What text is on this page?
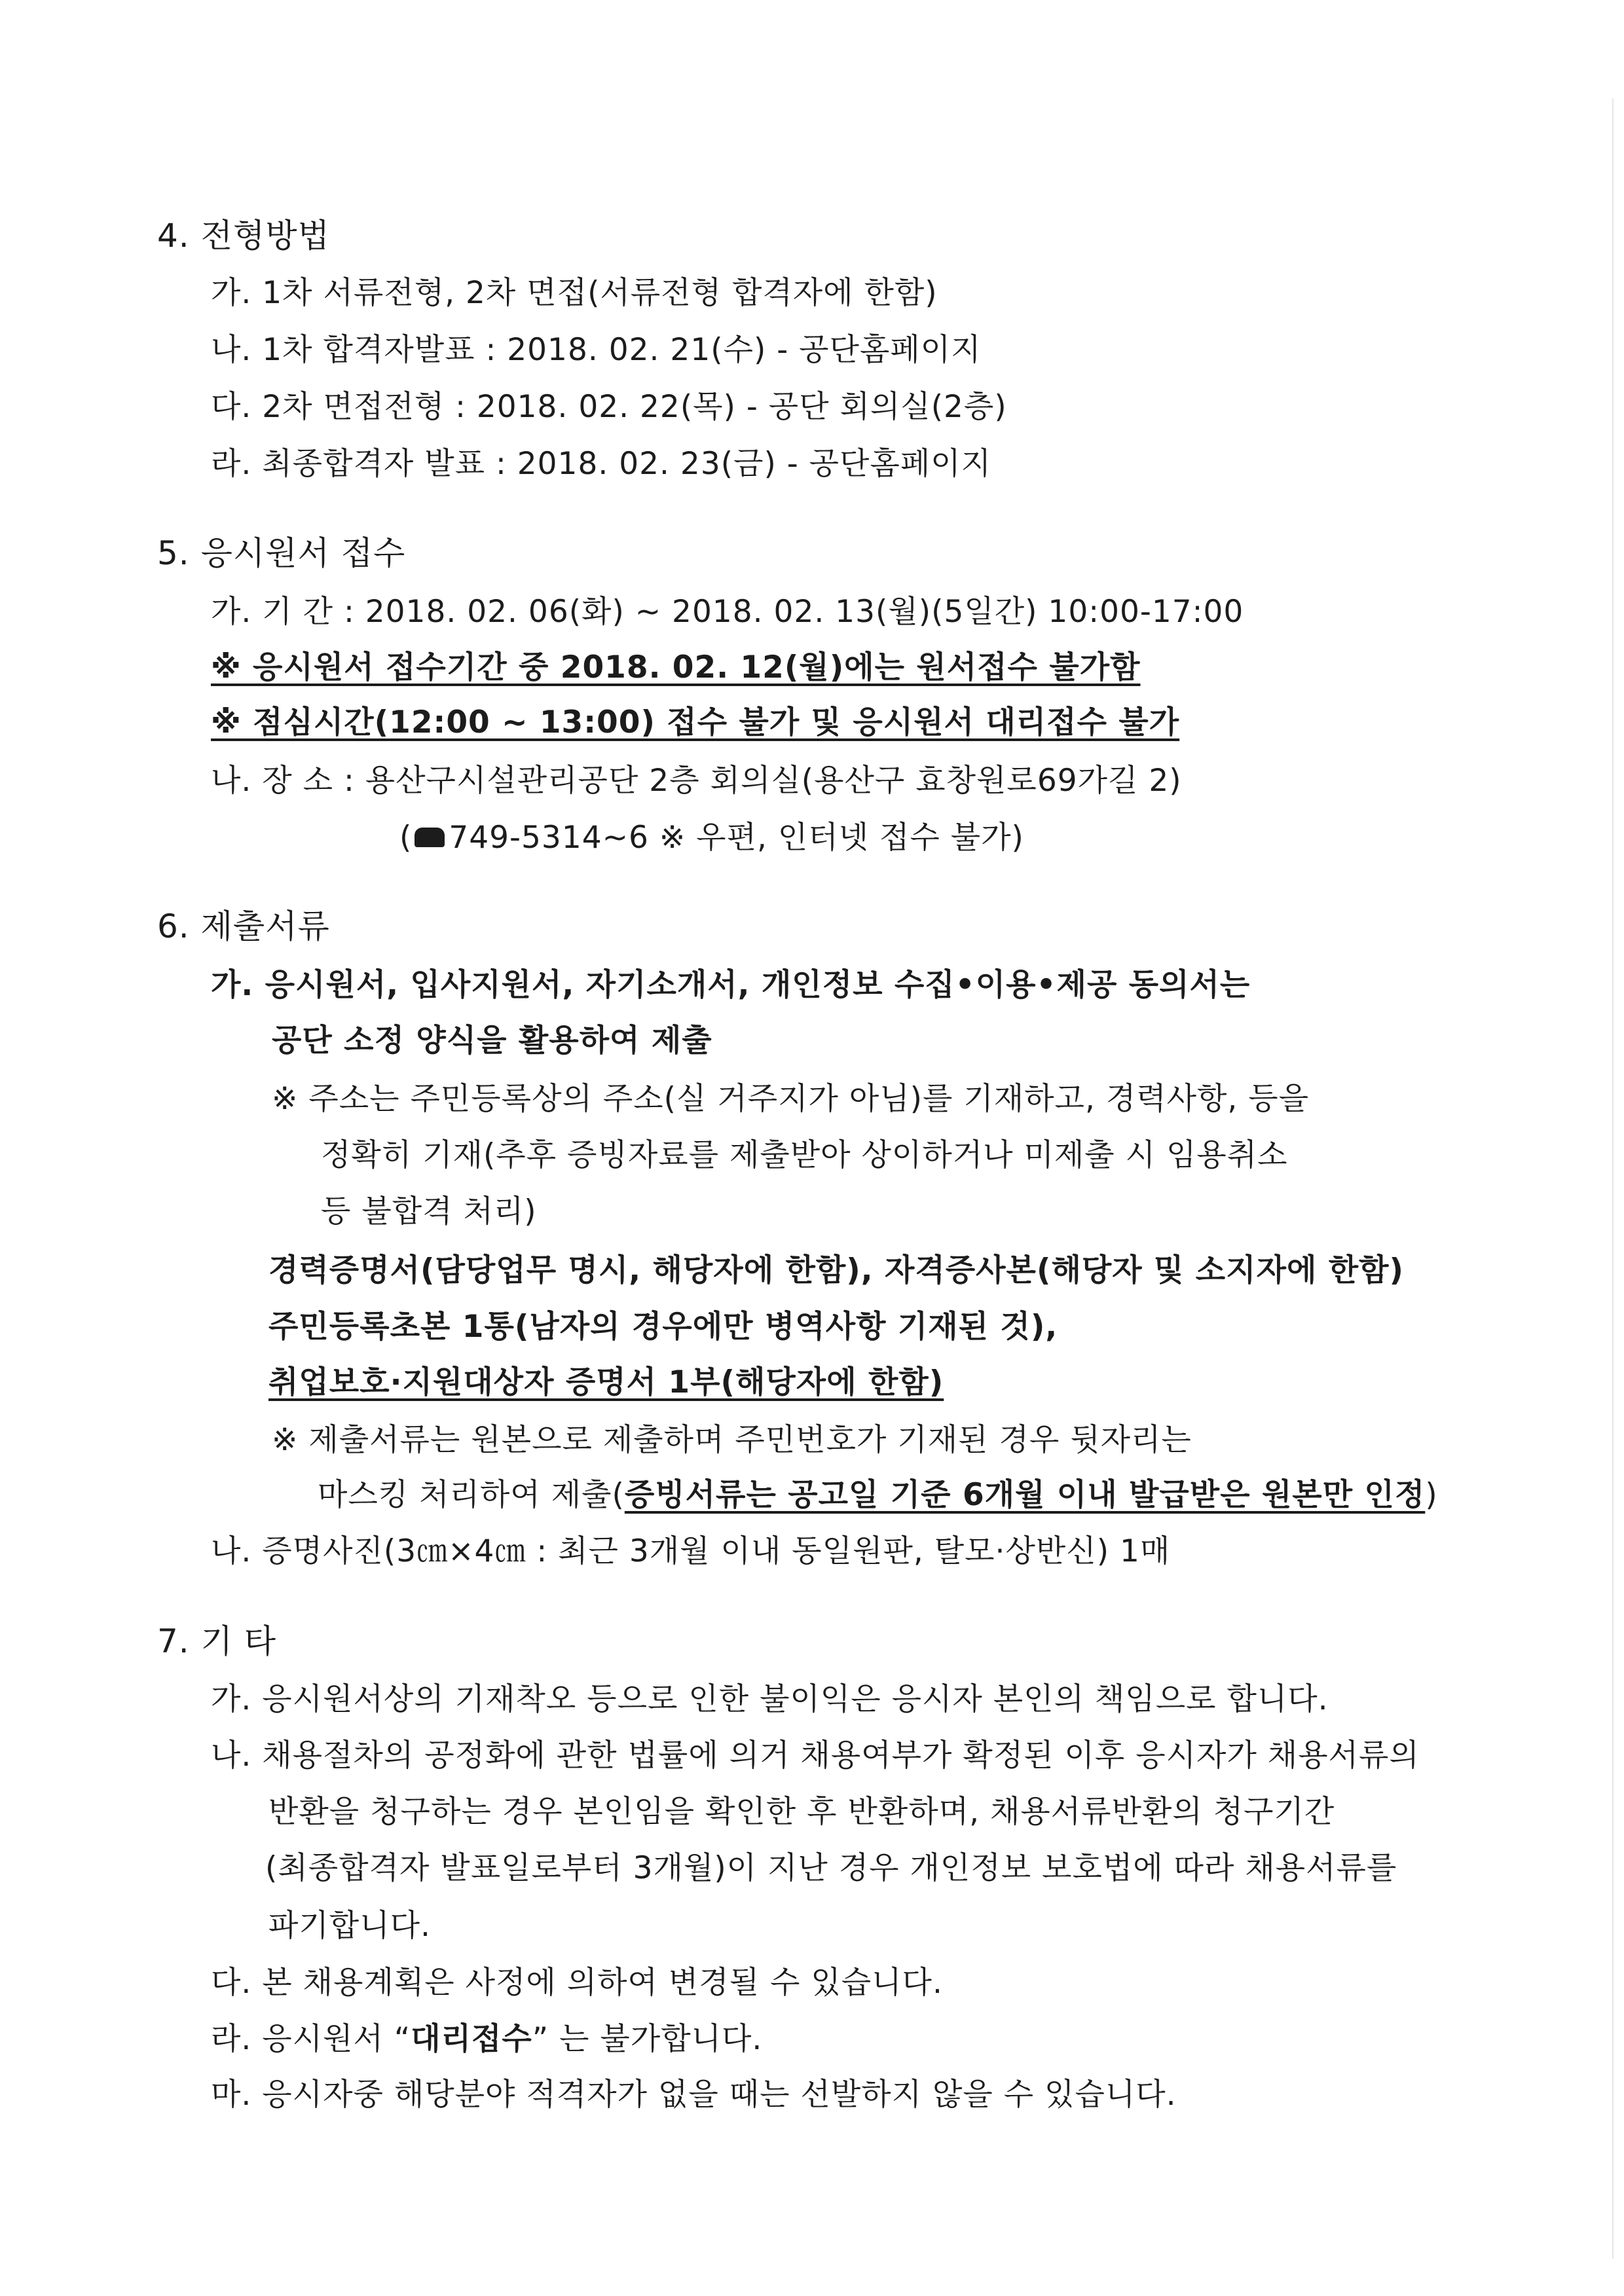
4. 전형방법
가. 1차 서류전형, 2차 면접(서류전형 합격자에 한함)
나. 1차 합격자발표 : 2018. 02. 21(수) - 공단홈페이지
다. 2차 면접전형 : 2018. 02. 22(목) - 공단 회의실(2층)
라. 최종합격자 발표 : 2018. 02. 23(금) - 공단홈페이지
5. 응시원서 접수
가. 기 간 : 2018. 02. 06(화) ~ 2018. 02. 13(월)(5일간) 10:00-17:00
※ 응시원서 접수기간 중 2018. 02. 12(월)에는 원서접수 불가함
※ 점심시간(12:00 ~ 13:00) 접수 불가 및 응시원서 대리접수 불가
나. 장 소 : 용산구시설관리공단 2층 회의실(용산구 효창원로69가길 2)
( 749-5314~6 ※ 우편, 인터넷 접수 불가)
6. 제출서류
가. 응시원서, 입사지원서, 자기소개서, 개인정보 수집•이용•제공 동의서는
공단 소정 양식을 활용하여 제출
※ 주소는 주민등록상의 주소(실 거주지가 아님)를 기재하고, 경력사항, 등을
정확히 기재(추후 증빙자료를 제출받아 상이하거나 미제출 시 임용취소
등 불합격 처리)
경력증명서(담당업무 명시, 해당자에 한함), 자격증사본(해당자 및 소지자에 한함)
주민등록초본 1통(남자의 경우에만 병역사항 기재된 것),
취업보호·지원대상자 증명서 1부(해당자에 한함)
※ 제출서류는 원본으로 제출하며 주민번호가 기재된 경우 뒷자리는
마스킹 처리하여 제출(증빙서류는 공고일 기준 6개월 이내 발급받은 원본만 인정)
나. 증명사진(3㎝×4㎝ : 최근 3개월 이내 동일원판, 탈모·상반신) 1매
7. 기 타
가. 응시원서상의 기재착오 등으로 인한 불이익은 응시자 본인의 책임으로 합니다.
나. 채용절차의 공정화에 관한 법률에 의거 채용여부가 확정된 이후 응시자가 채용서류의
반환을 청구하는 경우 본인임을 확인한 후 반환하며, 채용서류반환의 청구기간
(최종합격자 발표일로부터 3개월)이 지난 경우 개인정보 보호법에 따라 채용서류를
파기합니다.
다. 본 채용계획은 사정에 의하여 변경될 수 있습니다.
라. 응시원서 “대리접수” 는 불가합니다.
마. 응시자중 해당분야 적격자가 없을 때는 선발하지 않을 수 있습니다.
